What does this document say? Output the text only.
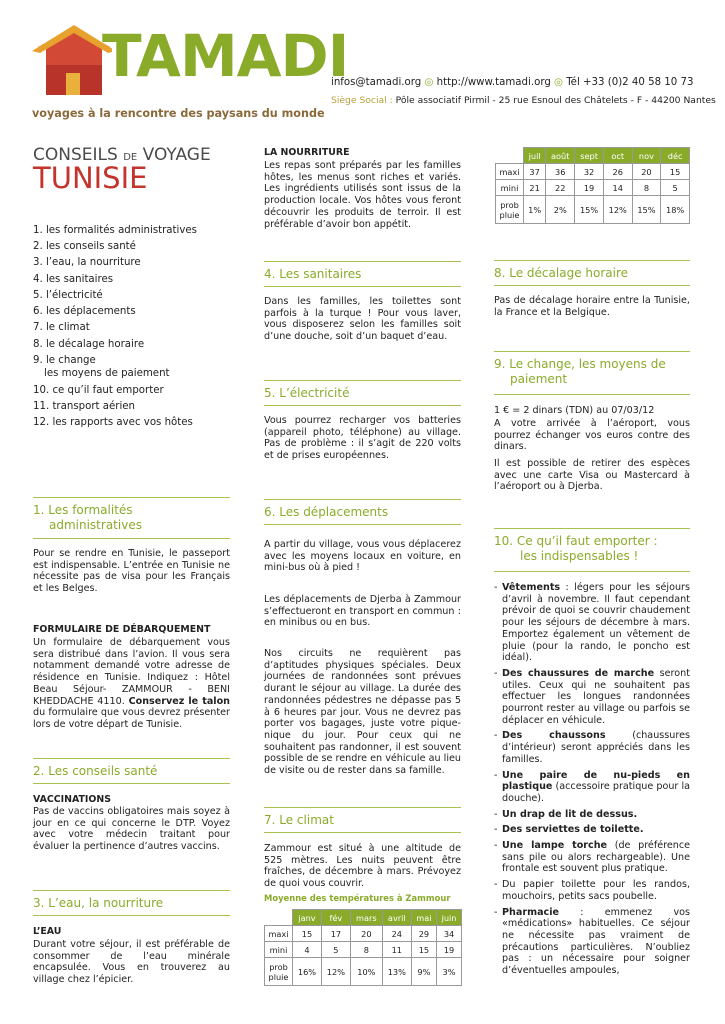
TAMADI
voyages à la rencontre des paysans du monde
infos@tamadi.org ◎ http://www.tamadi.org ◎ Tél +33 (0)2 40 58 10 73
Siège Social : Pôle associatif Pirmil - 25 rue Esnoul des Châtelets - F - 44200 Nantes
CONSEILS DE VOYAGE
TUNISIE
1. les formalités administratives
2. les conseils santé
3. l’eau, la nourriture
4. les sanitaires
5. l’électricité
6. les déplacements
7. le climat
8. le décalage horaire
9. le change
les moyens de paiement
10. ce qu’il faut emporter
11. transport aérien
12. les rapports avec vos hôtes
1. Les formalités
administratives
Pour se rendre en Tunisie, le passeport est indispensable. L’entrée en Tunisie ne nécessite pas de visa pour les Français et les Belges.
FORMULAIRE DE DÉBARQUEMENT
Un formulaire de débarquement vous sera distribué dans l’avion. Il vous sera notamment demandé votre adresse de résidence en Tunisie. Indiquez : Hôtel Beau Séjour- ZAMMOUR - BENI KHEDDACHE 4110. Conservez le talon du formulaire que vous devrez présenter lors de votre départ de Tunisie.
2. Les conseils santé
VACCINATIONS
Pas de vaccins obligatoires mais soyez à jour en ce qui concerne le DTP. Voyez avec votre médecin traitant pour évaluer la pertinence d’autres vaccins.
3. L’eau, la nourriture
L’EAU
Durant votre séjour, il est préférable de consommer de l’eau minérale encapsulée. Vous en trouverez au village chez l’épicier.
LA NOURRITURE
Les repas sont préparés par les familles hôtes, les menus sont riches et variés. Les ingrédients utilisés sont issus de la production locale. Vos hôtes vous feront découvrir les produits de terroir. Il est préférable d’avoir bon appétit.
4. Les sanitaires
Dans les familles, les toilettes sont parfois à la turque ! Pour vous laver, vous disposerez selon les familles soit d’une douche, soit d’un baquet d’eau.
5. L’électricité
Vous pourrez recharger vos batteries (appareil photo, téléphone) au village. Pas de problème : il s’agit de 220 volts et de prises européennes.
6. Les déplacements
A partir du village, vous vous déplacerez avec les moyens locaux en voiture, en mini-bus où à pied !
Les déplacements de Djerba à Zammour s’effectueront en transport en commun : en minibus ou en bus.
Nos circuits ne requièrent pas d’aptitudes physiques spéciales. Deux journées de randonnées sont prévues durant le séjour au village. La durée des randonnées pédestres ne dépasse pas 5 à 6 heures par jour. Vous ne devrez pas porter vos bagages, juste votre pique-nique du jour. Pour ceux qui ne souhaitent pas randonner, il est souvent possible de se rendre en véhicule au lieu de visite ou de rester dans sa famille.
7. Le climat
Zammour est situé à une altitude de 525 mètres. Les nuits peuvent être fraîches, de décembre à mars. Prévoyez de quoi vous couvrir.
Moyenne des températures à Zammour
	janv	fév	mars	avril	mai	juin
maxi	15	17	20	24	29	34
mini	4	5	8	11	15	19
prob pluie	16%	12%	10%	13%	9%	3%
	juil	août	sept	oct	nov	déc
maxi	37	36	32	26	20	15
mini	21	22	19	14	8	5
prob pluie	1%	2%	15%	12%	15%	18%
8. Le décalage horaire
Pas de décalage horaire entre la Tunisie, la France et la Belgique.
9. Le change, les moyens de
paiement
1 € = 2 dinars (TDN) au 07/03/12
A votre arrivée à l’aéroport, vous pourrez échanger vos euros contre des dinars.
Il est possible de retirer des espèces avec une carte Visa ou Mastercard à l’aéroport ou à Djerba.
10. Ce qu’il faut emporter :
les indispensables !
- Vêtements : légers pour les séjours d’avril à novembre. Il faut cependant prévoir de quoi se couvrir chaudement pour les séjours de décembre à mars. Emportez également un vêtement de pluie (pour la rando, le poncho est idéal).
- Des chaussures de marche seront utiles. Ceux qui ne souhaitent pas effectuer les longues randonnées pourront rester au village ou parfois se déplacer en véhicule.
- Des chaussons (chaussures d’intérieur) seront appréciés dans les familles.
- Une paire de nu-pieds en plastique (accessoire pratique pour la douche).
- Un drap de lit de dessus.
- Des serviettes de toilette.
- Une lampe torche (de préférence sans pile ou alors rechargeable). Une frontale est souvent plus pratique.
- Du papier toilette pour les randos, mouchoirs, petits sacs poubelle.
- Pharmacie : emmenez vos «médications» habituelles. Ce séjour ne nécessite pas vraiment de précautions particulières. N’oubliez pas : un nécessaire pour soigner d’éventuelles ampoules,
